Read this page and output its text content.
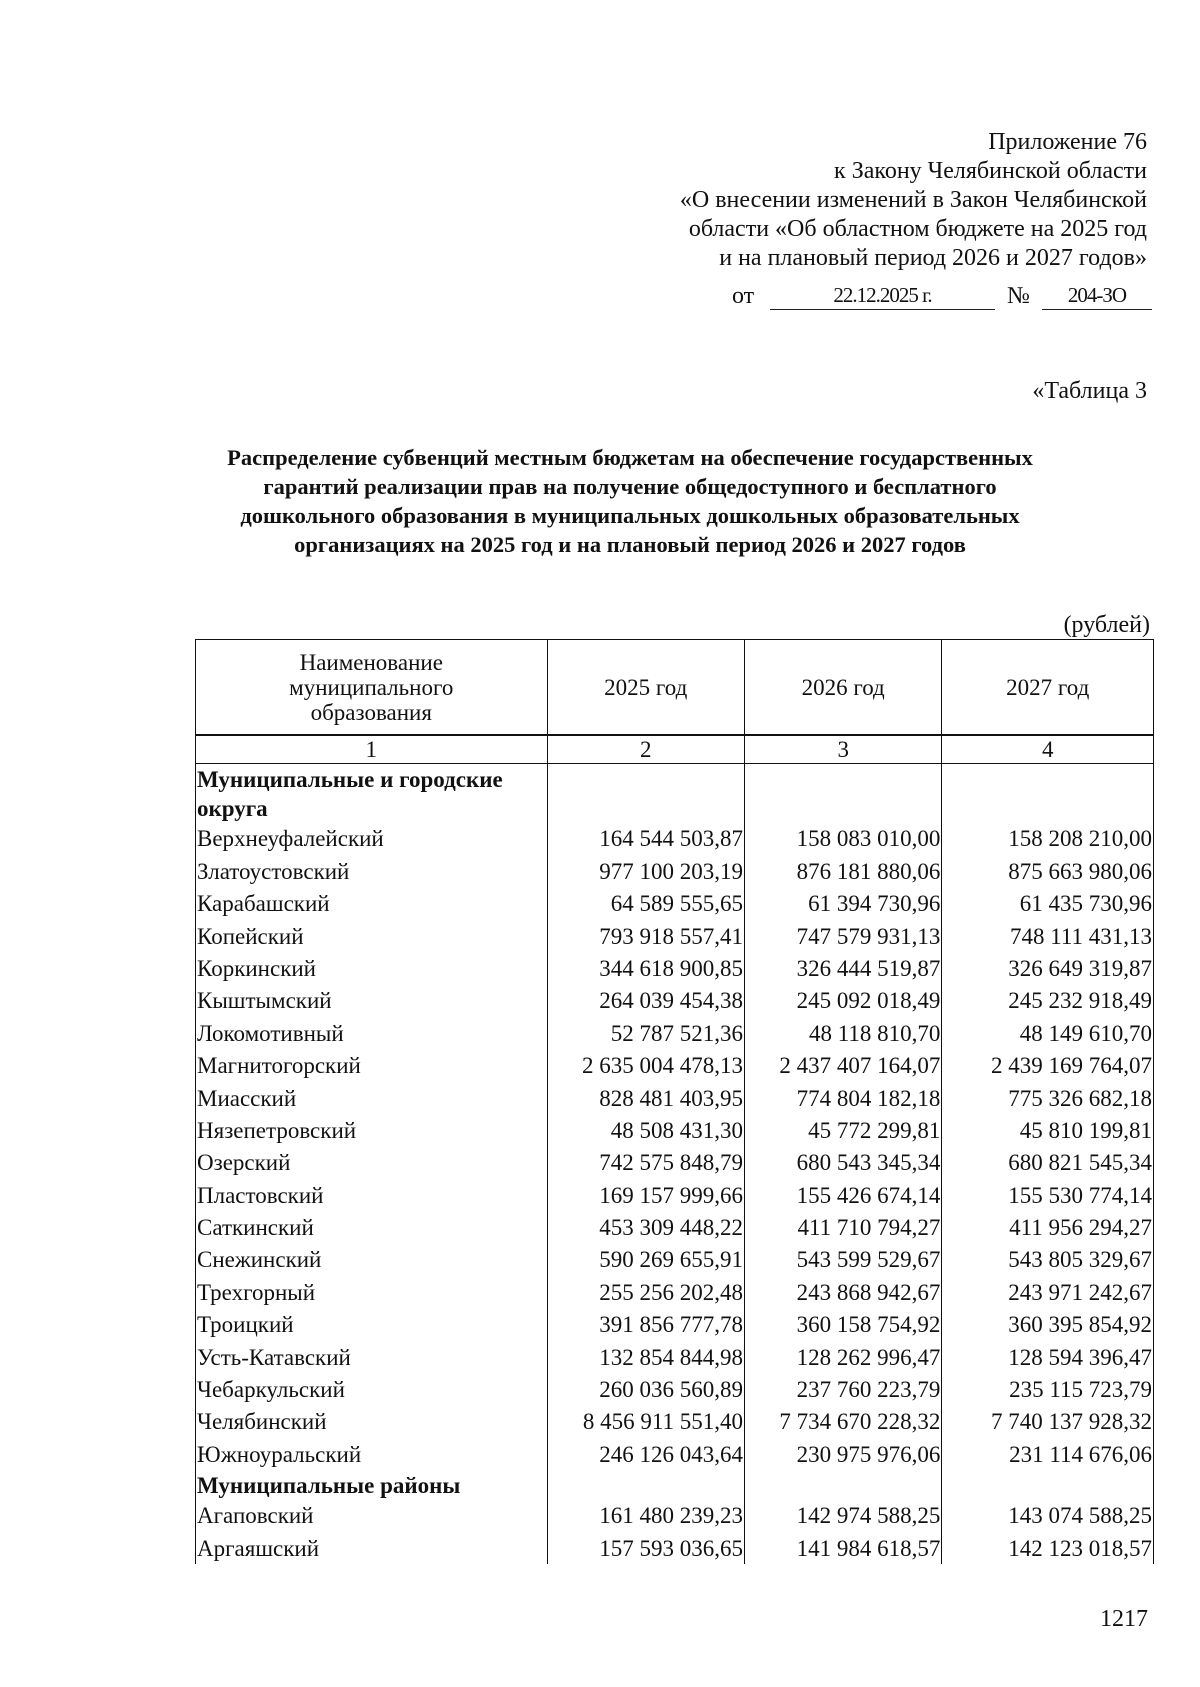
Приложение 76
к Закону Челябинской области
«О внесении изменений в Закон Челябинской
области «Об областном бюджете на 2025 год
и на плановый период 2026 и 2027 годов»
от	22.12.2025 г.	№	204-ЗО
«Таблица 3
Распределение субвенций местным бюджетам на обеспечение государственных
гарантий реализации прав на получение общедоступного и бесплатного
дошкольного образования в муниципальных дошкольных образовательных
организациях на 2025 год и на плановый период 2026 и 2027 годов
(рублей)
Наименование муниципального образования	2025 год	2026 год	2027 год
1	2	3	4
Муниципальные и городские			
округа			
Верхнеуфалейский	164 544 503,87	158 083 010,00	158 208 210,00
Златоустовский	977 100 203,19	876 181 880,06	875 663 980,06
Карабашский	64 589 555,65	61 394 730,96	61 435 730,96
Копейский	793 918 557,41	747 579 931,13	748 111 431,13
Коркинский	344 618 900,85	326 444 519,87	326 649 319,87
Кыштымский	264 039 454,38	245 092 018,49	245 232 918,49
Локомотивный	52 787 521,36	48 118 810,70	48 149 610,70
Магнитогорский	2 635 004 478,13	2 437 407 164,07	2 439 169 764,07
Миасский	828 481 403,95	774 804 182,18	775 326 682,18
Нязепетровский	48 508 431,30	45 772 299,81	45 810 199,81
Озерский	742 575 848,79	680 543 345,34	680 821 545,34
Пластовский	169 157 999,66	155 426 674,14	155 530 774,14
Саткинский	453 309 448,22	411 710 794,27	411 956 294,27
Снежинский	590 269 655,91	543 599 529,67	543 805 329,67
Трехгорный	255 256 202,48	243 868 942,67	243 971 242,67
Троицкий	391 856 777,78	360 158 754,92	360 395 854,92
Усть-Катавский	132 854 844,98	128 262 996,47	128 594 396,47
Чебаркульский	260 036 560,89	237 760 223,79	235 115 723,79
Челябинский	8 456 911 551,40	7 734 670 228,32	7 740 137 928,32
Южноуральский	246 126 043,64	230 975 976,06	231 114 676,06
Муниципальные районы			
Агаповский	161 480 239,23	142 974 588,25	143 074 588,25
Аргаяшский	157 593 036,65	141 984 618,57	142 123 018,57
1217
